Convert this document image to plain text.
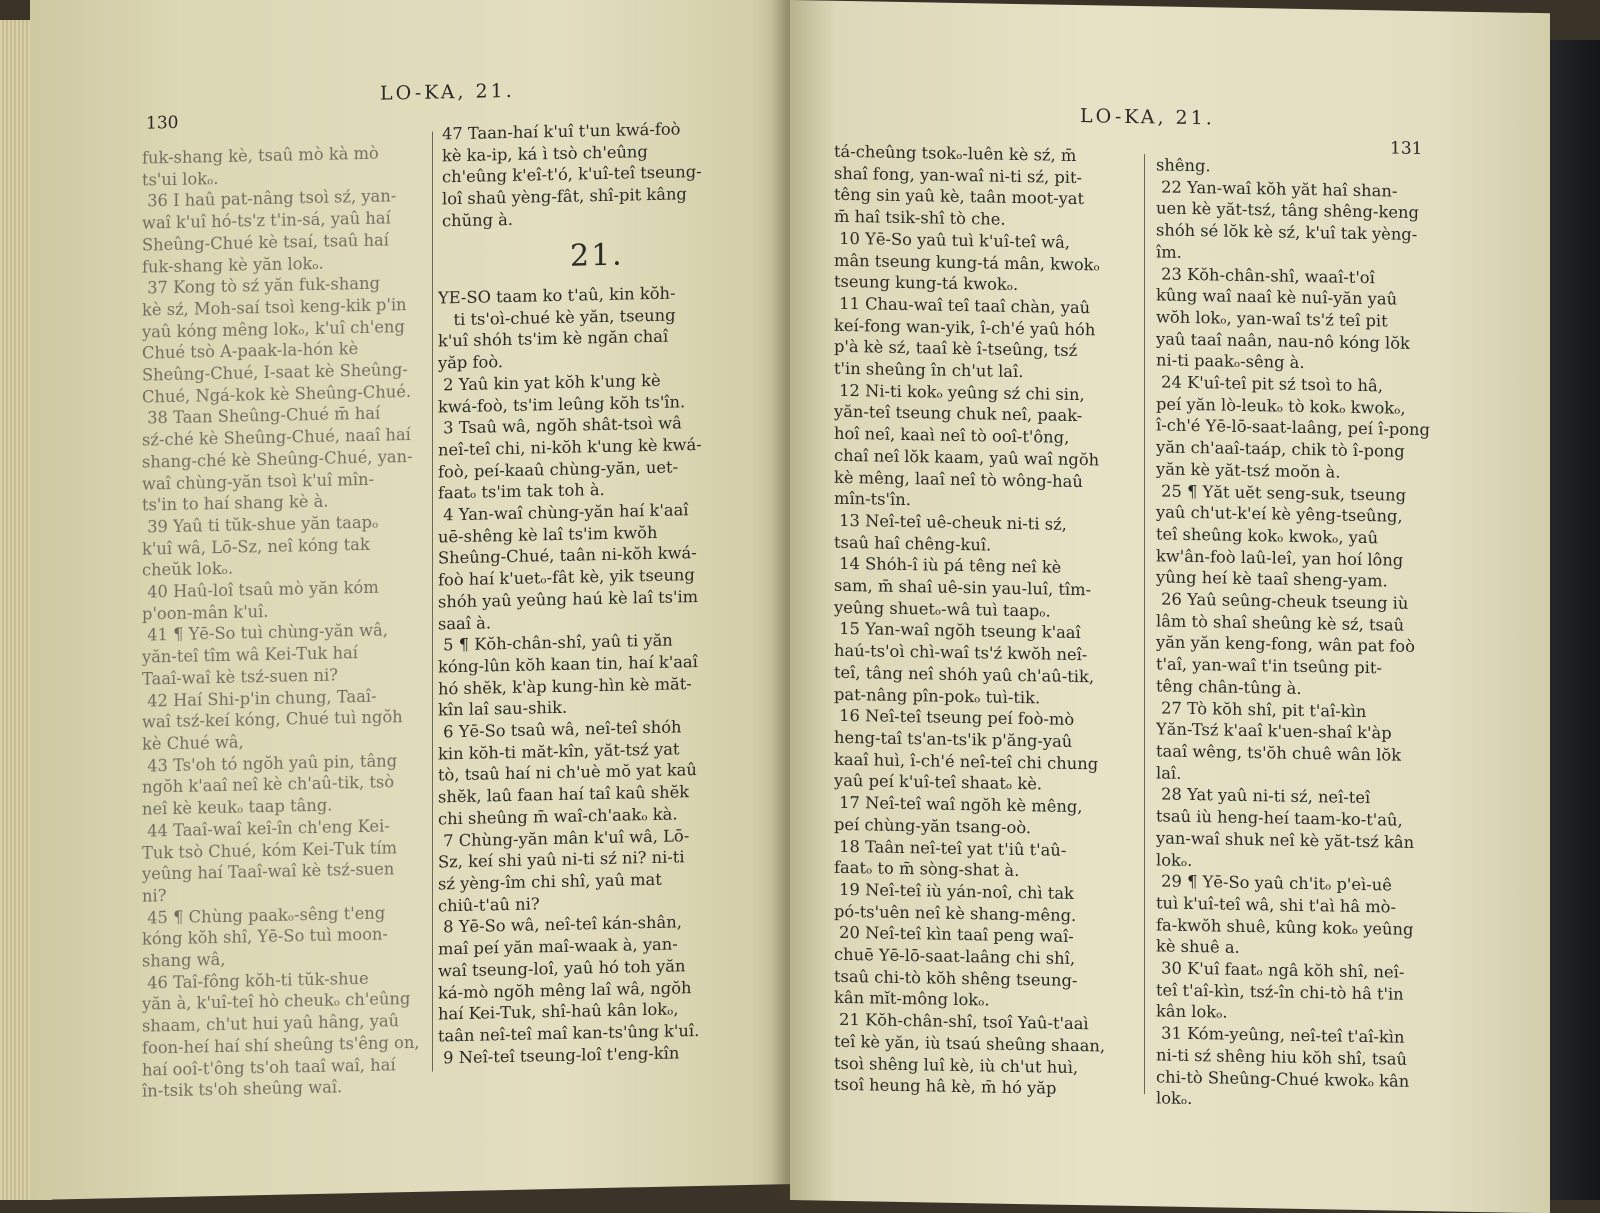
130
LO-KA, 21.
fuk-shang kè, tsaû mò kà mò
ts'ui lokₒ.
36 I haû pat-nâng tsoì sź, yan-
waî k'uî hó-ts'z t'in-sá, yaû haí
Sheûng-Chué kè tsaí, tsaû haí
fuk-shang kè yăn lokₒ.
37 Kong tò sź yăn fuk-shang
kè sź, Moh-saí tsoì keng-kik p'in
yaû kóng mêng lokₒ, k'uî ch'eng
Chué tsò A-paak-la-hón kè
Sheûng-Chué, I-saat kè Sheûng-
Chué, Ngá-kok kè Sheûng-Chué.
38 Taan Sheûng-Chué m̄ haí
sź-ché kè Sheûng-Chué, naaî haí
shang-ché kè Sheûng-Chué, yan-
waî chùng-yăn tsoì k'uî mîn-
ts'in to haí shang kè à.
39 Yaû ti tŭk-shue yăn taapₒ
k'uî wâ, Lō-Sz, neî kóng tak
cheŭk lokₒ.
40 Haû-loî tsaû mò yăn kóm
p'oon-mân k'uî.
41 ¶ Yē-So tuì chùng-yăn wâ,
yăn-teî tîm wâ Kei-Tuk haí
Taaî-waî kè tsź-suen ni?
42 Haí Shi-p'in chung, Taaî-
waî tsź-keí kóng, Chué tuì ngŏh
kè Chué wâ,
43 Ts'oh tó ngŏh yaû pin, tâng
ngŏh k'aaî neî kè ch'aû-tik, tsò
neî kè keukₒ taap tâng.
44 Taaî-waî keî-în ch'eng Kei-
Tuk tsò Chué, kóm Kei-Tuk tím
yeûng haí Taaî-waî kè tsź-suen
ni?
45 ¶ Chùng paakₒ-sêng t'eng
kóng kŏh shî, Yē-So tuì moon-
shang wâ,
46 Taî-fông kŏh-ti tŭk-shue
yăn à, k'uî-teî hò cheukₒ ch'eûng
shaam, ch'ut hui yaû hâng, yaû
foon-heí haí shí sheûng ts'êng on,
haí ooî-t'ông ts'oh taaî waî, haí
în-tsik ts'oh sheûng waî.
47 Taan-haí k'uî t'un kwá-foò
kè ka-ip, ká ì tsò ch'eûng
ch'eûng k'eî-t'ó, k'uî-teî tseung-
loî shaû yèng-fât, shî-pit kâng
chŭng à.
21.
YE-SO taam ko t'aû, kin kŏh-
ti ts'oì-chué kè yăn, tseung
k'uî shóh ts'im kè ngăn chaî
yăp foò.
2 Yaû kin yat kŏh k'ung kè
kwá-foò, ts'im leûng kŏh ts'în.
3 Tsaû wâ, ngŏh shât-tsoì wâ
neî-teî chi, ni-kŏh k'ung kè kwá-
foò, peí-kaaû chùng-yăn, uet-
faatₒ ts'im tak toh à.
4 Yan-waî chùng-yăn haí k'aaî
uē-shêng kè laî ts'im kwŏh
Sheûng-Chué, taân ni-kŏh kwá-
foò haí k'uetₒ-fât kè, yik tseung
shóh yaû yeûng haú kè laî ts'im
saaî à.
5 ¶ Kŏh-chân-shî, yaû ti yăn
kóng-lûn kŏh kaan tin, haí k'aaî
hó shĕk, k'àp kung-hìn kè măt-
kîn laî sau-shik.
6 Yē-So tsaû wâ, neî-teî shóh
kin kŏh-ti măt-kîn, yăt-tsź yat
tò, tsaû haí ni ch'uè mŏ yat kaû
shĕk, laû faan haí taî kaû shĕk
chi sheûng m̄ waî-ch'aakₒ kà.
7 Chùng-yăn mân k'uî wâ, Lō-
Sz, keí shi yaû ni-ti sź ni? ni-ti
sź yèng-îm chi shî, yaû mat
chiû-t'aû ni?
8 Yē-So wâ, neî-teî kán-shân,
maî peí yăn maî-waak à, yan-
waî tseung-loî, yaû hó toh yăn
ká-mò ngŏh mêng laî wâ, ngŏh
haí Kei-Tuk, shî-haû kân lokₒ,
taân neî-teî maî kan-ts'ûng k'uî.
9 Neî-teî tseung-loî t'eng-kîn
LO-KA, 21.
131
tá-cheûng tsokₒ-luên kè sź, m̄
shaî fong, yan-waî ni-ti sź, pit-
têng sin yaû kè, taân moot-yat
m̄ haî tsik-shî tò che.
10 Yē-So yaû tuì k'uî-teî wâ,
mân tseung kung-tá mân, kwokₒ
tseung kung-tá kwokₒ.
11 Chau-waî teî taaî chàn, yaû
keí-fong wan-yik, î-ch'é yaû hóh
p'à kè sź, taaî kè î-tseûng, tsź
t'in sheûng în ch'ut laî.
12 Ni-ti kokₒ yeûng sź chi sin,
yăn-teî tseung chuk neî, paak-
hoî neî, kaaì neî tò ooî-t'ông,
chaî neî lŏk kaam, yaû waî ngŏh
kè mêng, laaî neî tò wông-haû
mîn-ts'în.
13 Neî-teî uê-cheuk ni-ti sź,
tsaû haî chêng-kuî.
14 Shóh-î iù pá têng neî kè
sam, m̄ shaî uê-sin yau-luî, tîm-
yeûng shuetₒ-wâ tuì taapₒ.
15 Yan-waî ngŏh tseung k'aaî
haú-ts'oì chì-waî ts'ź kwŏh neî-
teî, tâng neî shóh yaû ch'aû-tik,
pat-nâng pîn-pokₒ tuì-tik.
16 Neî-teî tseung peí foò-mò
heng-taî ts'an-ts'ik p'ăng-yaû
kaaî huì, î-ch'é neî-teî chi chung
yaû peí k'uî-teî shaatₒ kè.
17 Neî-teî waî ngŏh kè mêng,
peí chùng-yăn tsang-oò.
18 Taân neî-teî yat t'iû t'aû-
faatₒ to m̄ sòng-shat à.
19 Neî-teî iù yán-noî, chì tak
pó-ts'uên neî kè shang-mêng.
20 Neî-teî kìn taaî peng waî-
chuē Yē-lō-saat-laâng chi shî,
tsaû chi-tò kŏh shêng tseung-
kân mĭt-mông lokₒ.
21 Kŏh-chân-shî, tsoî Yaû-t'aaì
teî kè yăn, iù tsaú sheûng shaan,
tsoì shêng luî kè, iù ch'ut huì,
tsoî heung hâ kè, m̄ hó yăp
shêng.
22 Yan-waî kŏh yăt haî shan-
uen kè yăt-tsź, tâng shêng-keng
shóh sé lŏk kè sź, k'uî tak yèng-
îm.
23 Kŏh-chân-shî, waaî-t'oî
kûng waî naaî kè nuî-yăn yaû
wŏh lokₒ, yan-waî ts'ź teî pit
yaû taaî naân, nau-nô kóng lŏk
ni-ti paakₒ-sêng à.
24 K'uî-teî pit sź tsoì to hâ,
peí yăn lò-leukₒ tò kokₒ kwokₒ,
î-ch'é Yē-lō-saat-laâng, peí î-pong
yăn ch'aaî-taáp, chik tò î-pong
yăn kè yăt-tsź moŏn à.
25 ¶ Yăt uĕt seng-suk, tseung
yaû ch'ut-k'eí kè yêng-tseûng,
teî sheûng kokₒ kwokₒ, yaû
kw'ân-foò laû-leî, yan hoí lông
yûng heí kè taaî sheng-yam.
26 Yaû seûng-cheuk tseung iù
lâm tò shaî sheûng kè sź, tsaû
yăn yăn keng-fong, wân pat foò
t'aî, yan-waî t'in tseûng pit-
têng chân-tûng à.
27 Tò kŏh shî, pit t'aî-kìn
Yăn-Tsź k'aaî k'uen-shaî k'àp
taaî wêng, ts'ŏh chuê wân lŏk
laî.
28 Yat yaû ni-ti sź, neî-teî
tsaû iù heng-heí taam-ko-t'aû,
yan-waî shuk neî kè yăt-tsź kân
lokₒ.
29 ¶ Yē-So yaû ch'itₒ p'eì-uê
tuì k'uî-teî wâ, shi t'aì hâ mò-
fa-kwŏh shuê, kûng kokₒ yeûng
kè shuê a.
30 K'uî faatₒ ngâ kŏh shî, neî-
teî t'aî-kìn, tsź-în chi-tò hâ t'in
kân lokₒ.
31 Kóm-yeûng, neî-teî t'aî-kìn
ni-ti sź shêng hiu kŏh shî, tsaû
chi-tò Sheûng-Chué kwokₒ kân
lokₒ.
